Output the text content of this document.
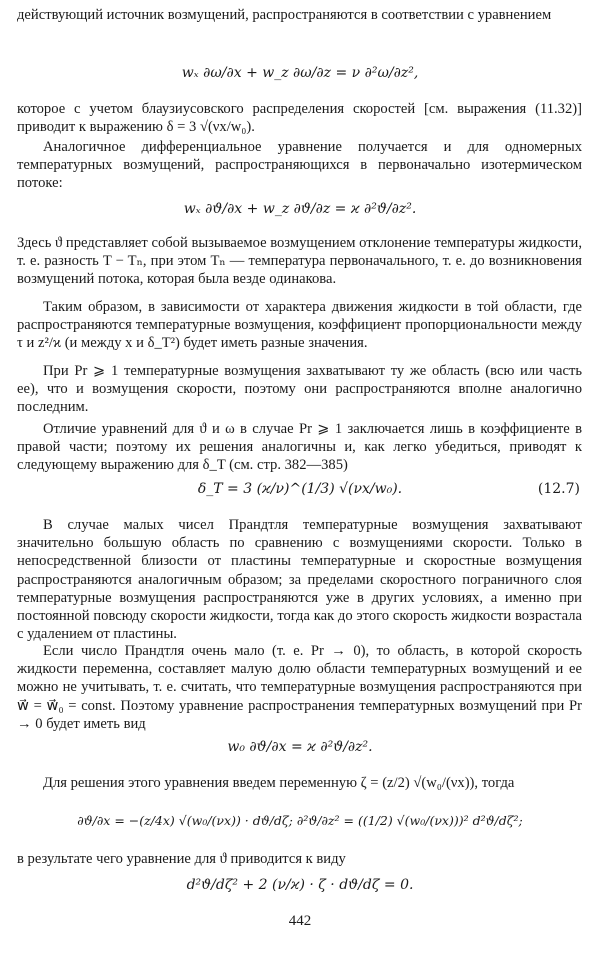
действующий источник возмущений, распространяются в соответствии с уравнением

wₓ ∂ω/∂x + w_z ∂ω/∂z = ν ∂²ω/∂z²,

которое с учетом блаузиусовского распределения скоростей [см. выражения (11.32)] приводит к выражению δ = 3 √(νx/w₀).

Аналогичное дифференциальное уравнение получается и для одномерных температурных возмущений, распространяющихся в первоначально изотермическом потоке:

wₓ ∂ϑ/∂x + w_z ∂ϑ/∂z = ϰ ∂²ϑ/∂z².

Здесь ϑ представляет собой вызываемое возмущением отклонение температуры жидкости, т. е. разность T − Tₙ, при этом Tₙ — температура первоначального, т. е. до возникновения возмущений потока, которая была везде одинакова.

Таким образом, в зависимости от характера движения жидкости в той области, где распространяются температурные возмущения, коэффициент пропорциональности между τ и z²/ϰ (и между x и δ_T²) будет иметь разные значения.

При Pr ⩾ 1 температурные возмущения захватывают ту же область (всю или часть ее), что и возмущения скорости, поэтому они распространяются вполне аналогично последним.

Отличие уравнений для ϑ и ω в случае Pr ⩾ 1 заключается лишь в коэффициенте в правой части; поэтому их решения аналогичны и, как легко убедиться, приводят к следующему выражению для δ_T (см. стр. 382—385)

δ_T = 3 (ϰ/ν)^(1/3) √(νx/w₀).	(12.7)

В случае малых чисел Прандтля температурные возмущения захватывают значительно большую область по сравнению с возмущениями скорости. Только в непосредственной близости от пластины температурные и скоростные возмущения распространяются аналогичным образом; за пределами скоростного пограничного слоя температурные возмущения распространяются уже в других условиях, а именно при постоянной повсюду скорости жидкости, тогда как до этого скорость жидкости возрастала с удалением от пластины.

Если число Прандтля очень мало (т. е. Pr → 0), то область, в которой скорость жидкости переменна, составляет малую долю области температурных возмущений и ее можно не учитывать, т. е. считать, что температурные возмущения распространяются при w⃗ = w⃗₀ = const. Поэтому уравнение распространения температурных возмущений при Pr → 0 будет иметь вид

w₀ ∂ϑ/∂x = ϰ ∂²ϑ/∂z².

Для решения этого уравнения введем переменную ζ = (z/2) √(w₀/(νx)), тогда

∂ϑ/∂x = −(z/4x) √(w₀/(νx)) · dϑ/dζ; ∂²ϑ/∂z² = ((1/2) √(w₀/(νx)))² d²ϑ/dζ²;

в результате чего уравнение для ϑ приводится к виду

d²ϑ/dζ² + 2 (ν/ϰ) · ζ · dϑ/dζ = 0.
442
